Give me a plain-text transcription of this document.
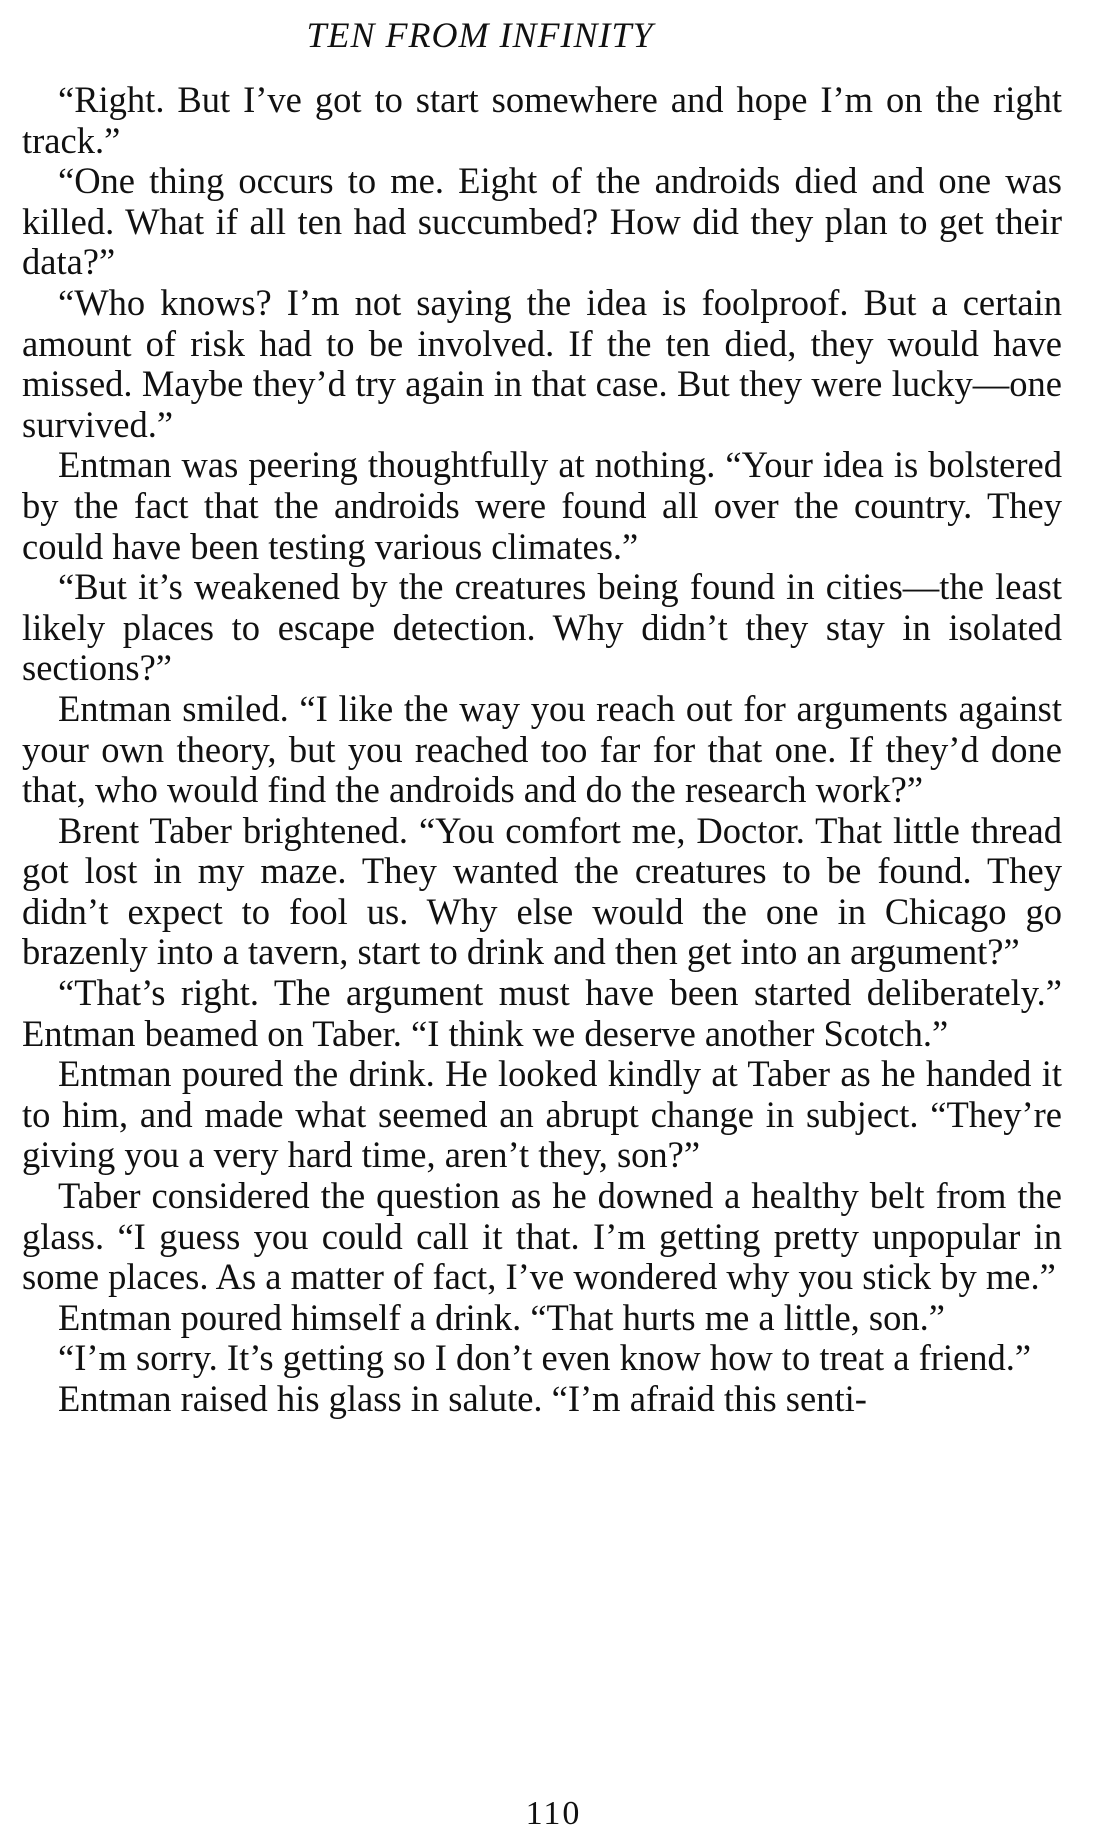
TEN FROM INFINITY

“Right. But I’ve got to start somewhere and hope I’m on the right track.”

“One thing occurs to me. Eight of the androids died and one was killed. What if all ten had succumbed? How did they plan to get their data?”

“Who knows? I’m not saying the idea is foolproof. But a certain amount of risk had to be involved. If the ten died, they would have missed. Maybe they’d try again in that case. But they were lucky—one survived.”

Entman was peering thoughtfully at nothing. “Your idea is bolstered by the fact that the androids were found all over the country. They could have been testing various climates.”

“But it’s weakened by the creatures being found in cities—the least likely places to escape detection. Why didn’t they stay in isolated sections?”

Entman smiled. “I like the way you reach out for arguments against your own theory, but you reached too far for that one. If they’d done that, who would find the androids and do the research work?”

Brent Taber brightened. “You comfort me, Doctor. That little thread got lost in my maze. They wanted the creatures to be found. They didn’t expect to fool us. Why else would the one in Chicago go brazenly into a tavern, start to drink and then get into an argument?”

“That’s right. The argument must have been started deliberately.” Entman beamed on Taber. “I think we deserve another Scotch.”

Entman poured the drink. He looked kindly at Taber as he handed it to him, and made what seemed an abrupt change in subject. “They’re giving you a very hard time, aren’t they, son?”

Taber considered the question as he downed a healthy belt from the glass. “I guess you could call it that. I’m getting pretty unpopular in some places. As a matter of fact, I’ve wondered why you stick by me.”

Entman poured himself a drink. “That hurts me a little, son.”

“I’m sorry. It’s getting so I don’t even know how to treat a friend.”

Entman raised his glass in salute. “I’m afraid this senti-

110
